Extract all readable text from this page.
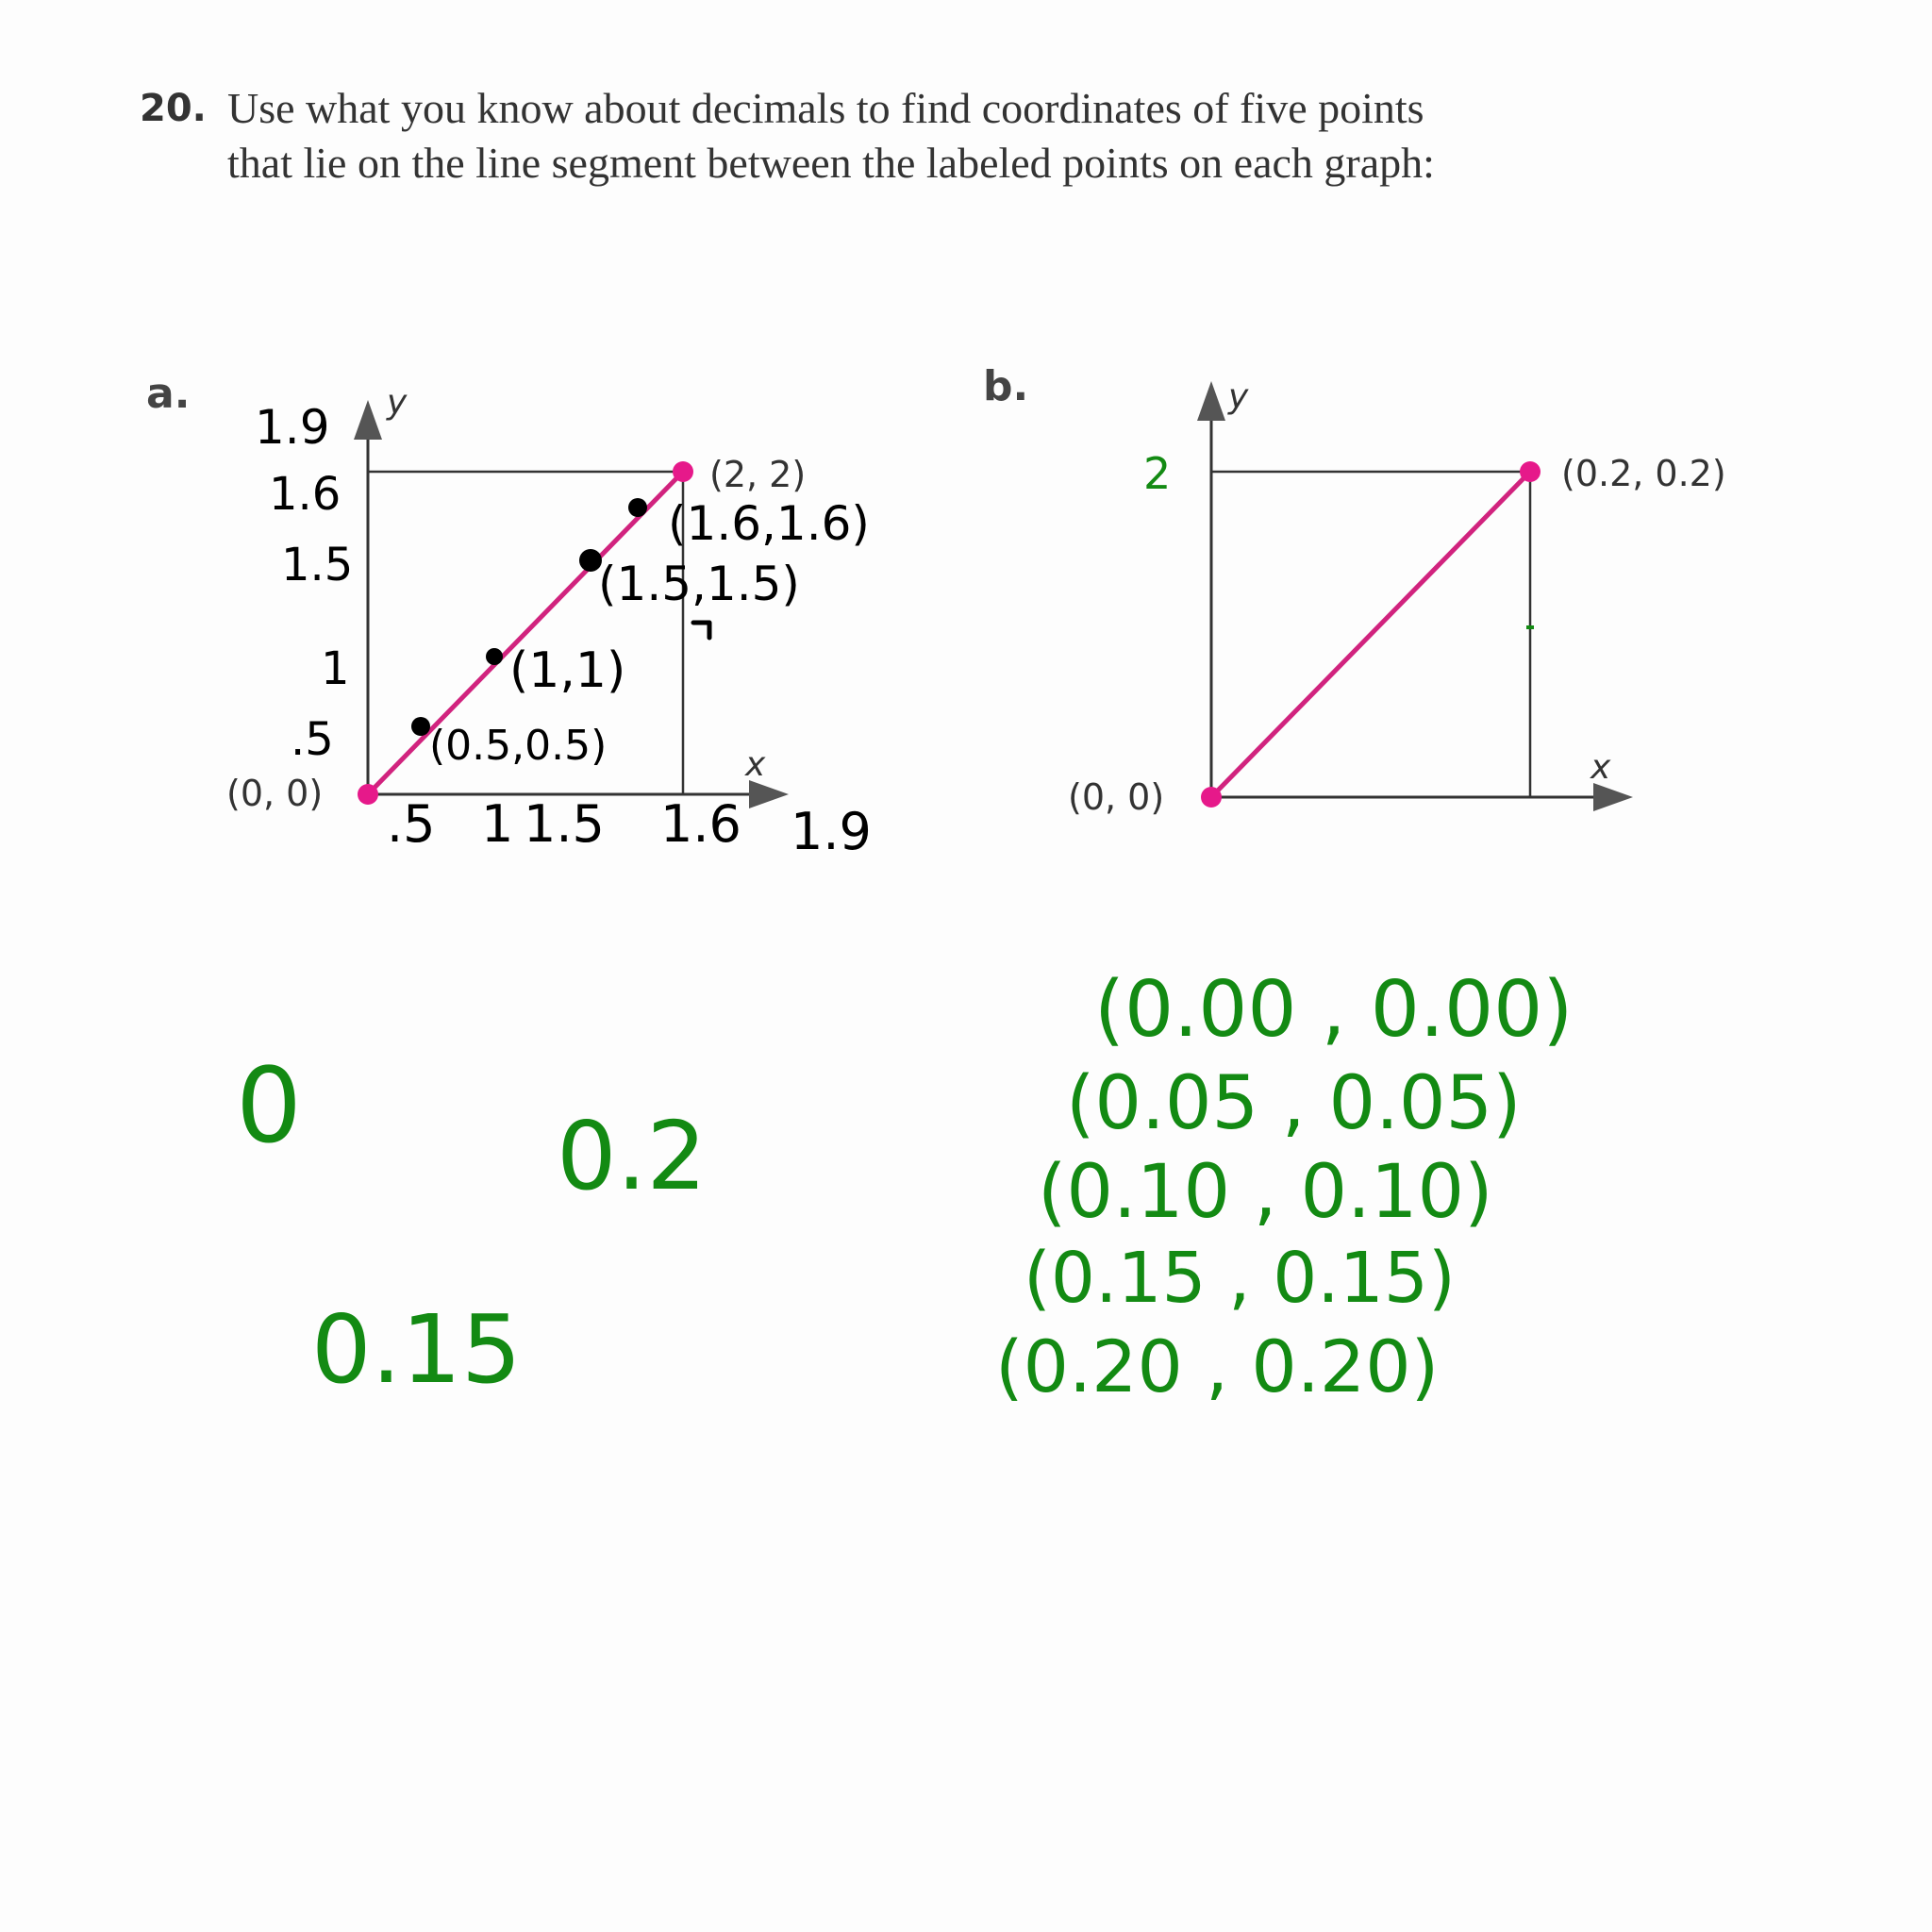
20. Use what you know about decimals to find coordinates of five points
that lie on the line segment between the labeled points on each graph:
a.	b.
y
x
(0, 0)
(2, 2)
y
x
(0, 0)
(0.2, 0.2)
1.9
1.6
1.5
1
.5
.5 1 1.5 1.6 1.9
(1.6,1.6)
(1.5,1.5)
(1,1)
(0.5,0.5)
2
0	0.2
0.15
(0.00 , 0.00)
(0.05 , 0.05)
(0.10 , 0.10)
(0.15 , 0.15)
(0.20 , 0.20)
